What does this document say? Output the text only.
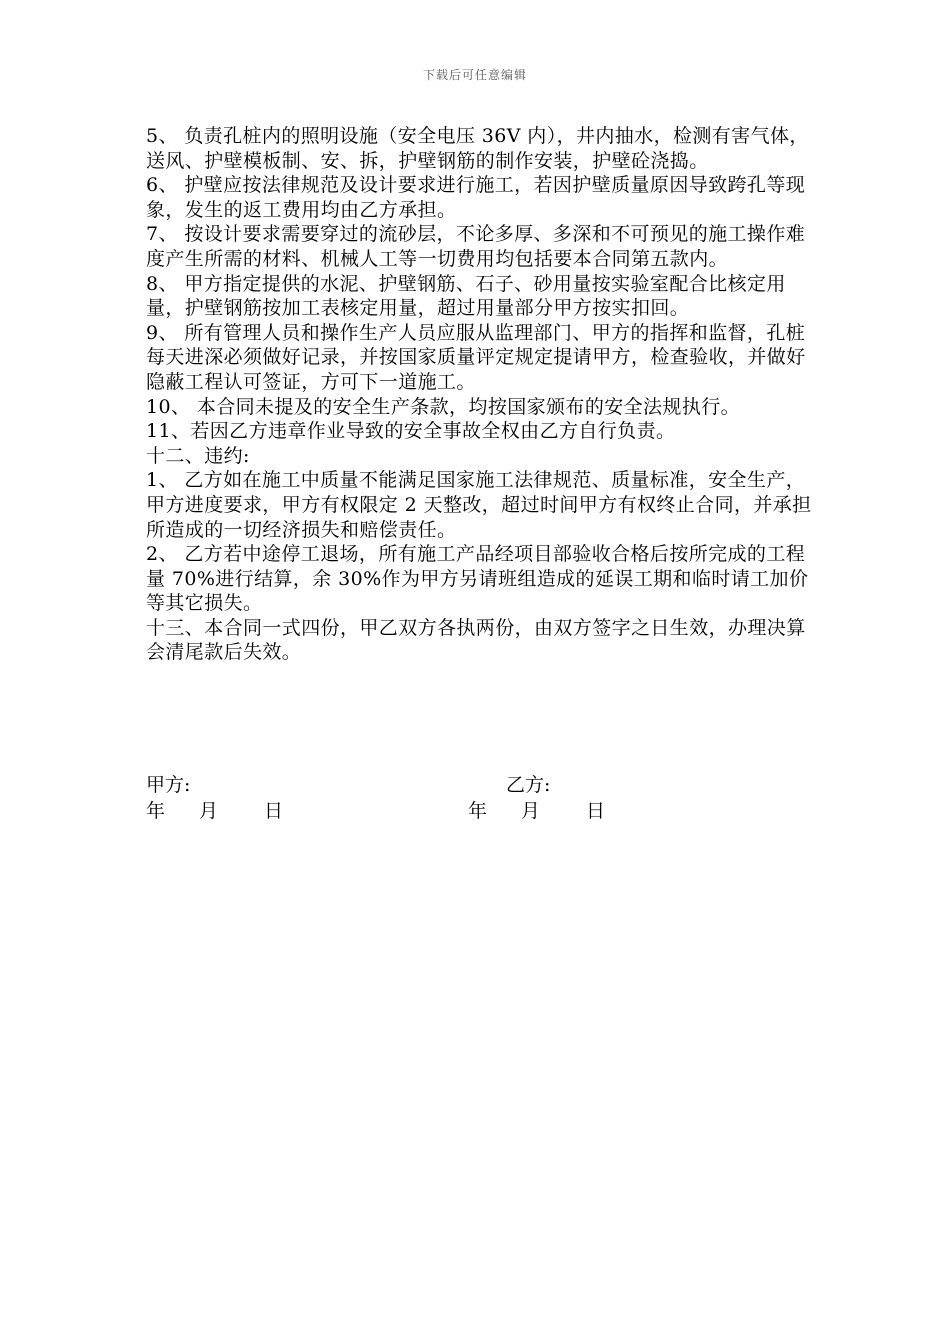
下载后可任意编辑

5、 负责孔桩内的照明设施（安全电压 36V 内），井内抽水，检测有害气体，送风、护壁模板制、安、拆，护壁钢筋的制作安装，护壁砼浇捣。

6、 护壁应按法律规范及设计要求进行施工，若因护壁质量原因导致跨孔等现象，发生的返工费用均由乙方承担。

7、 按设计要求需要穿过的流砂层，不论多厚、多深和不可预见的施工操作难度产生所需的材料、机械人工等一切费用均包括要本合同第五款内。

8、 甲方指定提供的水泥、护壁钢筋、石子、砂用量按实验室配合比核定用量，护壁钢筋按加工表核定用量，超过用量部分甲方按实扣回。

9、 所有管理人员和操作生产人员应服从监理部门、甲方的指挥和监督，孔桩每天进深必须做好记录，并按国家质量评定规定提请甲方，检查验收，并做好隐蔽工程认可签证，方可下一道施工。

10、 本合同未提及的安全生产条款，均按国家颁布的安全法规执行。

11、若因乙方违章作业导致的安全事故全权由乙方自行负责。

十二、违约:

1、 乙方如在施工中质量不能满足国家施工法律规范、质量标准，安全生产，甲方进度要求，甲方有权限定 2 天整改，超过时间甲方有权终止合同，并承担所造成的一切经济损失和赔偿责任。

2、 乙方若中途停工退场，所有施工产品经项目部验收合格后按所完成的工程量 70%进行结算，余 30%作为甲方另请班组造成的延误工期和临时请工加价等其它损失。

十三、本合同一式四份，甲乙双方各执两份，由双方签字之日生效，办理决算会清尾款后失效。

甲方:	乙方:
年 月 日	年 月 日
